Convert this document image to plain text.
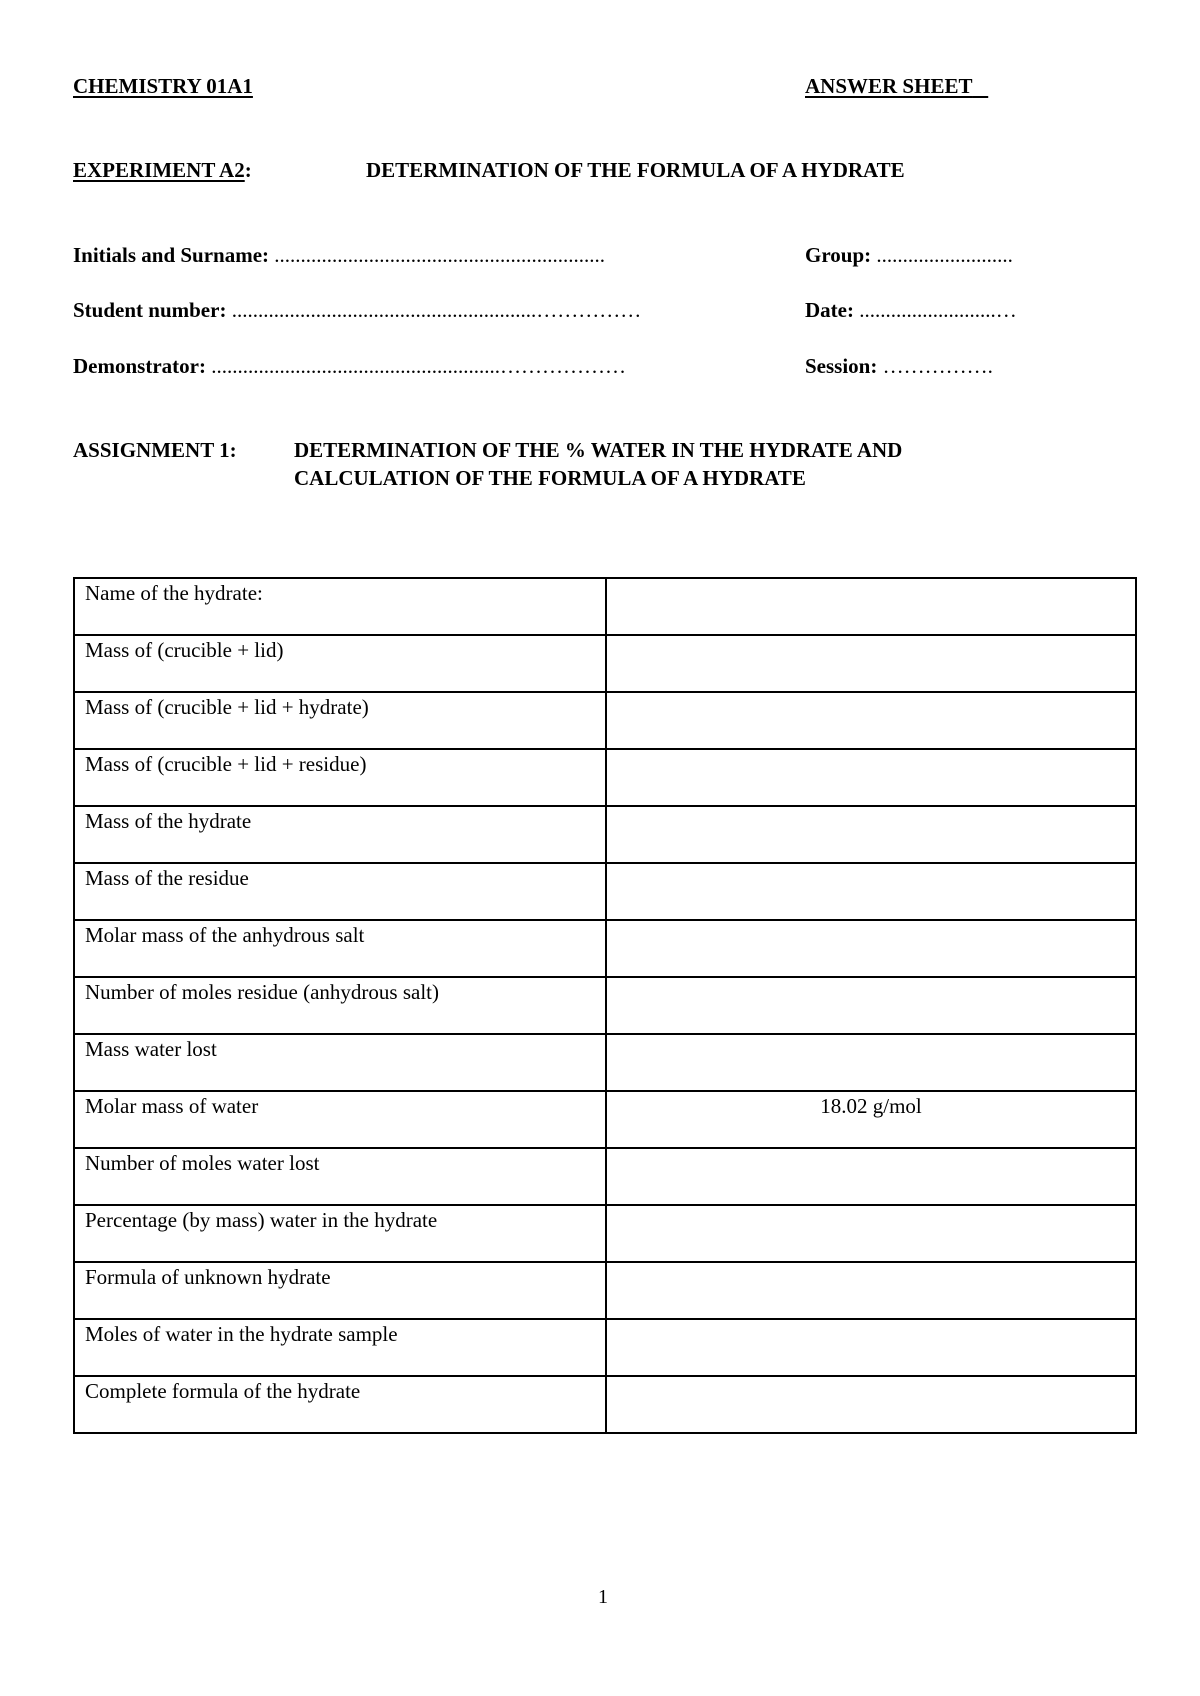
CHEMISTRY 01A1	ANSWER SHEET
EXPERIMENT A2:	DETERMINATION OF THE FORMULA OF A HYDRATE
Initials and Surname: ...............................................................	Group: ..........................
Student number: ..........................................................……………	Date: ..........................…
Demonstrator: .......................................................………………	Session: …………….
ASSIGNMENT 1:	DETERMINATION OF THE % WATER IN THE HYDRATE AND
CALCULATION OF THE FORMULA OF A HYDRATE
Name of the hydrate:	
Mass of (crucible + lid)	
Mass of (crucible + lid + hydrate)	
Mass of (crucible + lid + residue)	
Mass of the hydrate	
Mass of the residue	
Molar mass of the anhydrous salt	
Number of moles residue (anhydrous salt)	
Mass water lost	
Molar mass of water	18.02 g/mol
Number of moles water lost	
Percentage (by mass) water in the hydrate	
Formula of unknown hydrate	
Moles of water in the hydrate sample	
Complete formula of the hydrate	
1
